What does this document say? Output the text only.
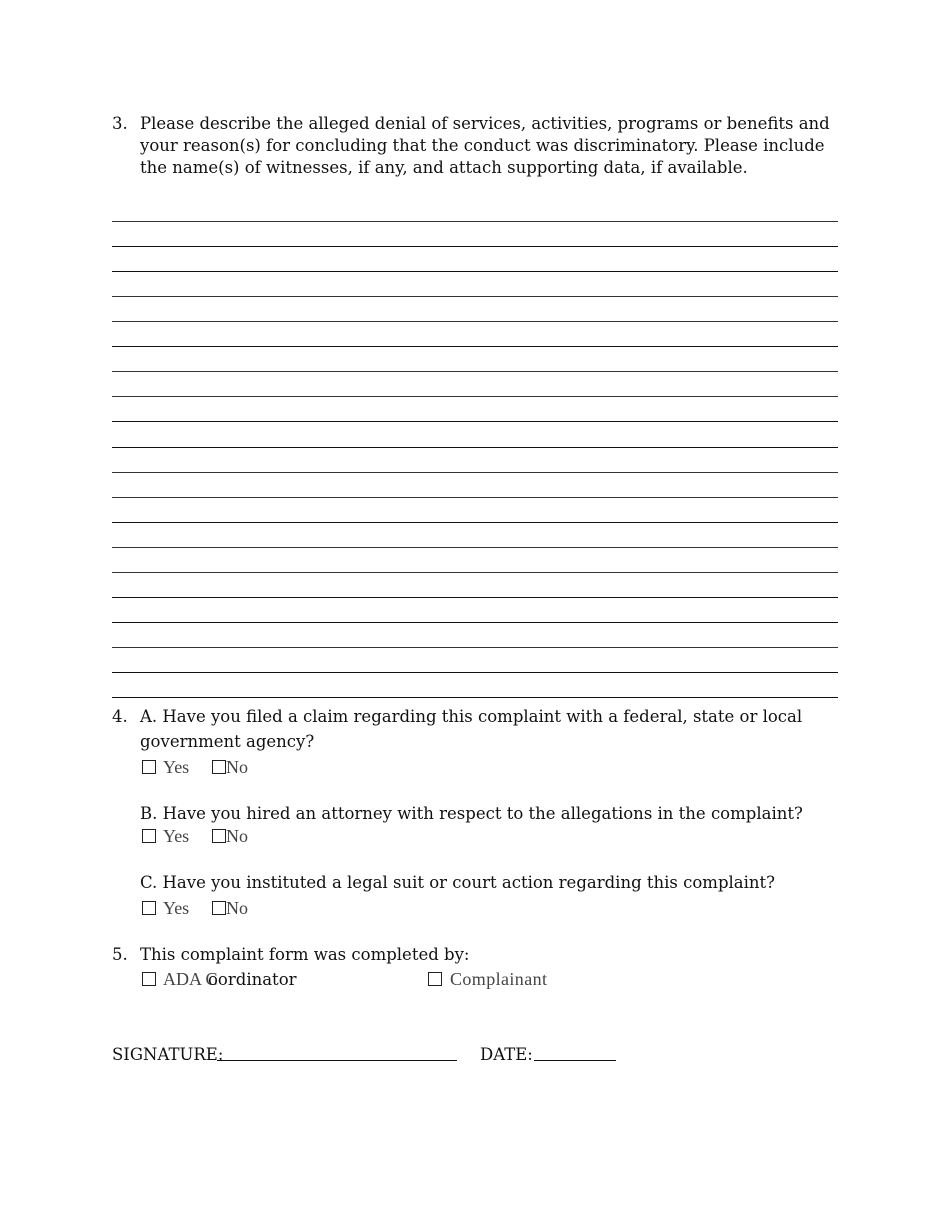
3. Please describe the alleged denial of services, activities, programs or benefits and your reason(s) for concluding that the conduct was discriminatory. Please include the name(s) of witnesses, if any, and attach supporting data, if available.
4. A. Have you filed a claim regarding this complaint with a federal, state or local
government agency?
Yes No
B. Have you hired an attorney with respect to the allegations in the complaint?
Yes No
C. Have you instituted a legal suit or court action regarding this complaint?
Yes No
5. This complaint form was completed by:
ADA C
oordinator	Complainant
SIGNATURE:	DATE:
